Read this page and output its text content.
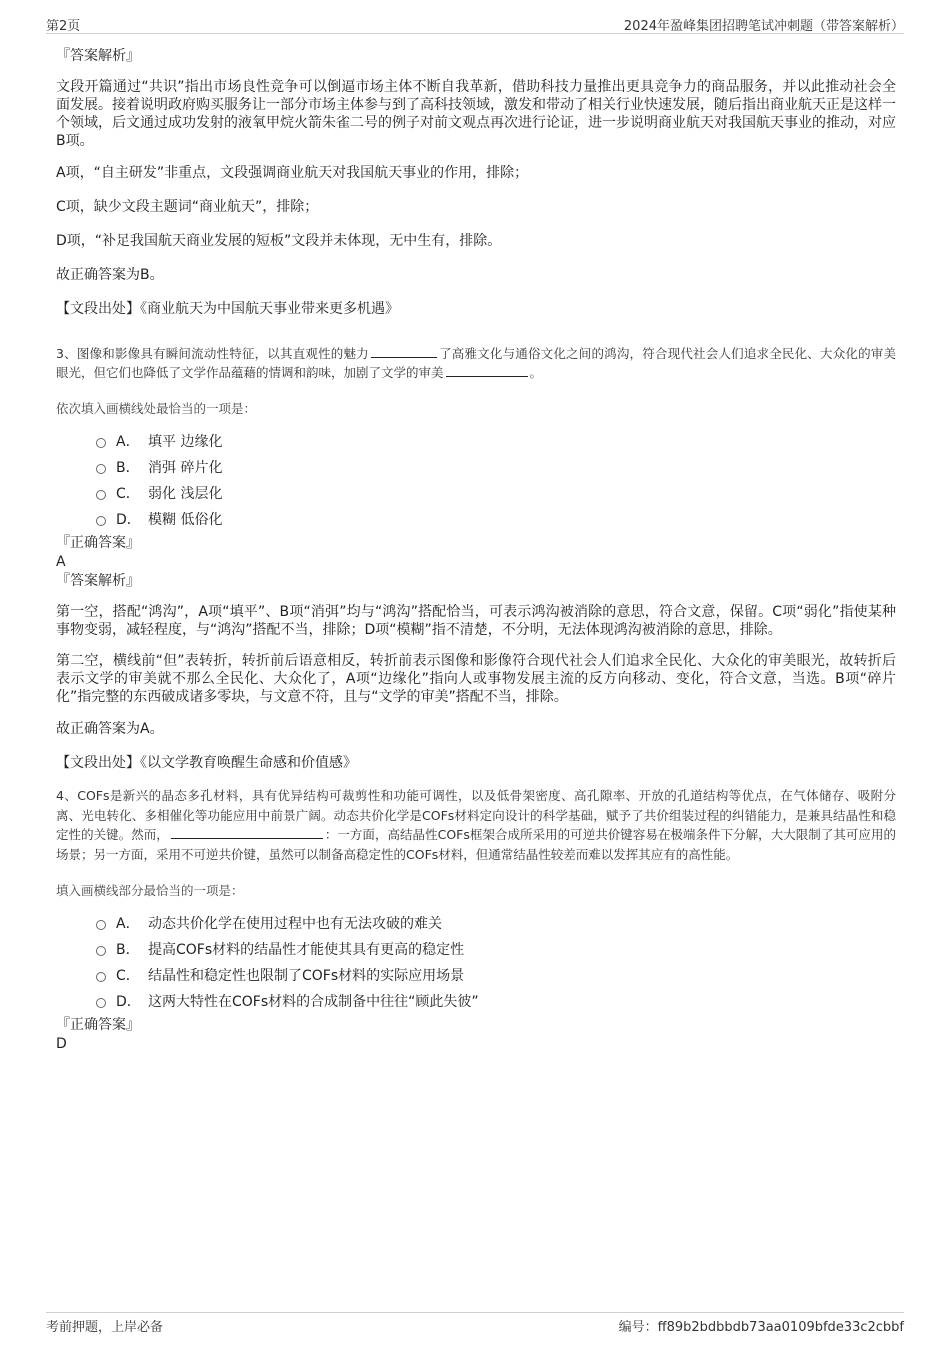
第2页	2024年盈峰集团招聘笔试冲刺题（带答案解析）

『答案解析』

文段开篇通过“共识”指出市场良性竞争可以倒逼市场主体不断自我革新，借助科技力量推出更具竞争力的商品服务，并以此推动社会全面发展。接着说明政府购买服务让一部分市场主体参与到了高科技领域，激发和带动了相关行业快速发展，随后指出商业航天正是这样一个领域，后文通过成功发射的液氧甲烷火箭朱雀二号的例子对前文观点再次进行论证，进一步说明商业航天对我国航天事业的推动，对应B项。

A项，“自主研发”非重点，文段强调商业航天对我国航天事业的作用，排除；

C项，缺少文段主题词“商业航天”，排除；

D项，“补足我国航天商业发展的短板”文段并未体现，无中生有，排除。

故正确答案为B。

【文段出处】《商业航天为中国航天事业带来更多机遇》

3、图像和影像具有瞬间流动性特征，以其直观性的魅力	了高雅文化与通俗文化之间的鸿沟，符合现代社会人们追求全民化、大众化的审美眼光，但它们也降低了文学作品蕴藉的情调和韵味，加剧了文学的审美	。

依次填入画横线处最恰当的一项是：

A． 填平 边缘化
B． 消弭 碎片化
C． 弱化 浅层化
D． 模糊 低俗化

『正确答案』

A

『答案解析』

第一空，搭配“鸿沟”，A项“填平”、B项“消弭”均与“鸿沟”搭配恰当，可表示鸿沟被消除的意思，符合文意，保留。C项“弱化”指使某种事物变弱，减轻程度，与“鸿沟”搭配不当，排除；D项“模糊”指不清楚，不分明，无法体现鸿沟被消除的意思，排除。

第二空，横线前“但”表转折，转折前后语意相反，转折前表示图像和影像符合现代社会人们追求全民化、大众化的审美眼光，故转折后表示文学的审美就不那么全民化、大众化了，A项“边缘化”指向人或事物发展主流的反方向移动、变化，符合文意，当选。B项“碎片化”指完整的东西破成诸多零块，与文意不符，且与“文学的审美”搭配不当，排除。

故正确答案为A。

【文段出处】《以文学教育唤醒生命感和价值感》

4、COFs是新兴的晶态多孔材料，具有优异结构可裁剪性和功能可调性，以及低骨架密度、高孔隙率、开放的孔道结构等优点，在气体储存、吸附分离、光电转化、多相催化等功能应用中前景广阔。动态共价化学是COFs材料定向设计的科学基础，赋予了共价组装过程的纠错能力，是兼具结晶性和稳定性的关键。然而，	：一方面，高结晶性COFs框架合成所采用的可逆共价键容易在极端条件下分解，大大限制了其可应用的场景；另一方面，采用不可逆共价键，虽然可以制备高稳定性的COFs材料，但通常结晶性较差而难以发挥其应有的高性能。

填入画横线部分最恰当的一项是：

A． 动态共价化学在使用过程中也有无法攻破的难关
B． 提高COFs材料的结晶性才能使其具有更高的稳定性
C． 结晶性和稳定性也限制了COFs材料的实际应用场景
D． 这两大特性在COFs材料的合成制备中往往“顾此失彼”

『正确答案』

D

考前押题，上岸必备	编号：ff89b2bdbbdb73aa0109bfde33c2cbbf
